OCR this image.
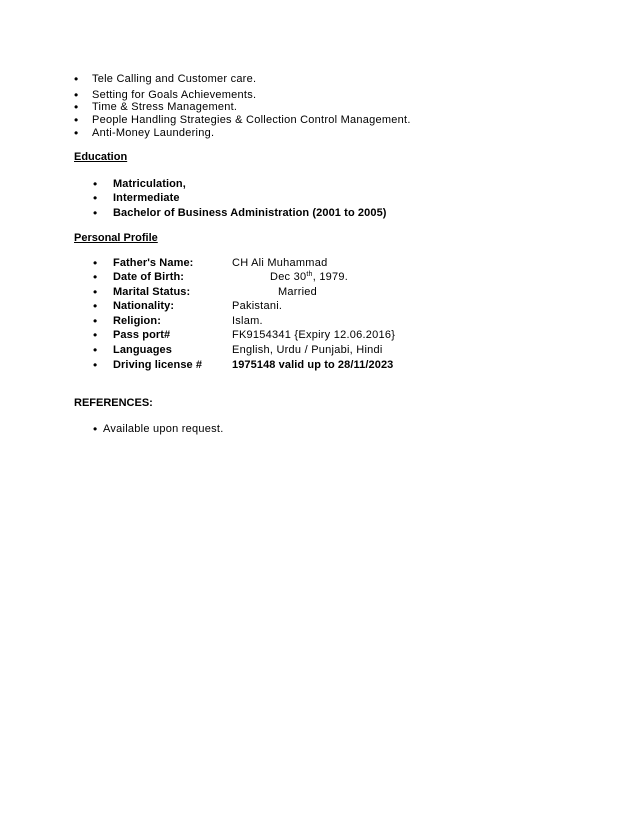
• Tele Calling and Customer care.
• Setting for Goals Achievements.
• Time & Stress Management.
• People Handling Strategies & Collection Control Management.
• Anti-Money Laundering.
Education
• Matriculation,
• Intermediate
• Bachelor of Business Administration (2001 to 2005)
Personal Profile
• Father's Name:	CH Ali Muhammad
• Date of Birth:	Dec 30th, 1979.
• Marital Status:	Married
• Nationality:	Pakistani.
• Religion:	Islam.
• Pass port#	FK9154341 {Expiry 12.06.2016}
• Languages	English, Urdu / Punjabi, Hindi
• Driving license #	1975148 valid up to 28/11/2023
REFERENCES:
• Available upon request.
